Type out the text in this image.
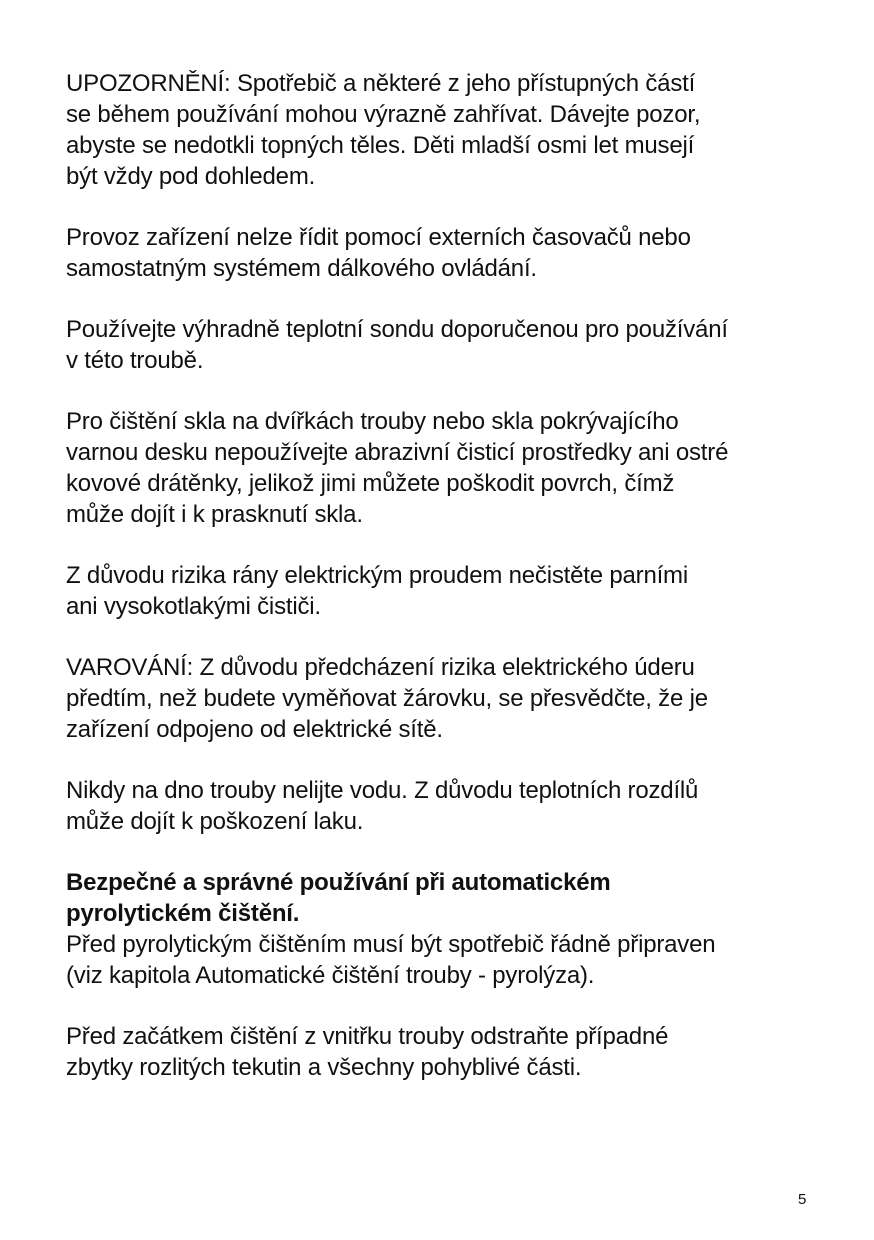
UPOZORNĚNÍ: Spotřebič a některé z jeho přístupných částí
se během používání mohou výrazně zahřívat. Dávejte pozor,
abyste se nedotkli topných těles. Děti mladší osmi let musejí
být vždy pod dohledem.

Provoz zařízení nelze řídit pomocí externích časovačů nebo
samostatným systémem dálkového ovládání.

Používejte výhradně teplotní sondu doporučenou pro používání
v této troubě.

Pro čištění skla na dvířkách trouby nebo skla pokrývajícího
varnou desku nepoužívejte abrazivní čisticí prostředky ani ostré
kovové drátěnky, jelikož jimi můžete poškodit povrch, čímž
může dojít i k prasknutí skla.

Z důvodu rizika rány elektrickým proudem nečistěte parními
ani vysokotlakými čističi.

VAROVÁNÍ: Z důvodu předcházení rizika elektrického úderu
předtím, než budete vyměňovat žárovku, se přesvědčte, že je
zařízení odpojeno od elektrické sítě.

Nikdy na dno trouby nelijte vodu. Z důvodu teplotních rozdílů
může dojít k poškození laku.

Bezpečné a správné používání při automatickém
pyrolytickém čištění.
Před pyrolytickým čištěním musí být spotřebič řádně připraven
(viz kapitola Automatické čištění trouby - pyrolýza).

Před začátkem čištění z vnitřku trouby odstraňte případné
zbytky rozlitých tekutin a všechny pohyblivé části.

5
